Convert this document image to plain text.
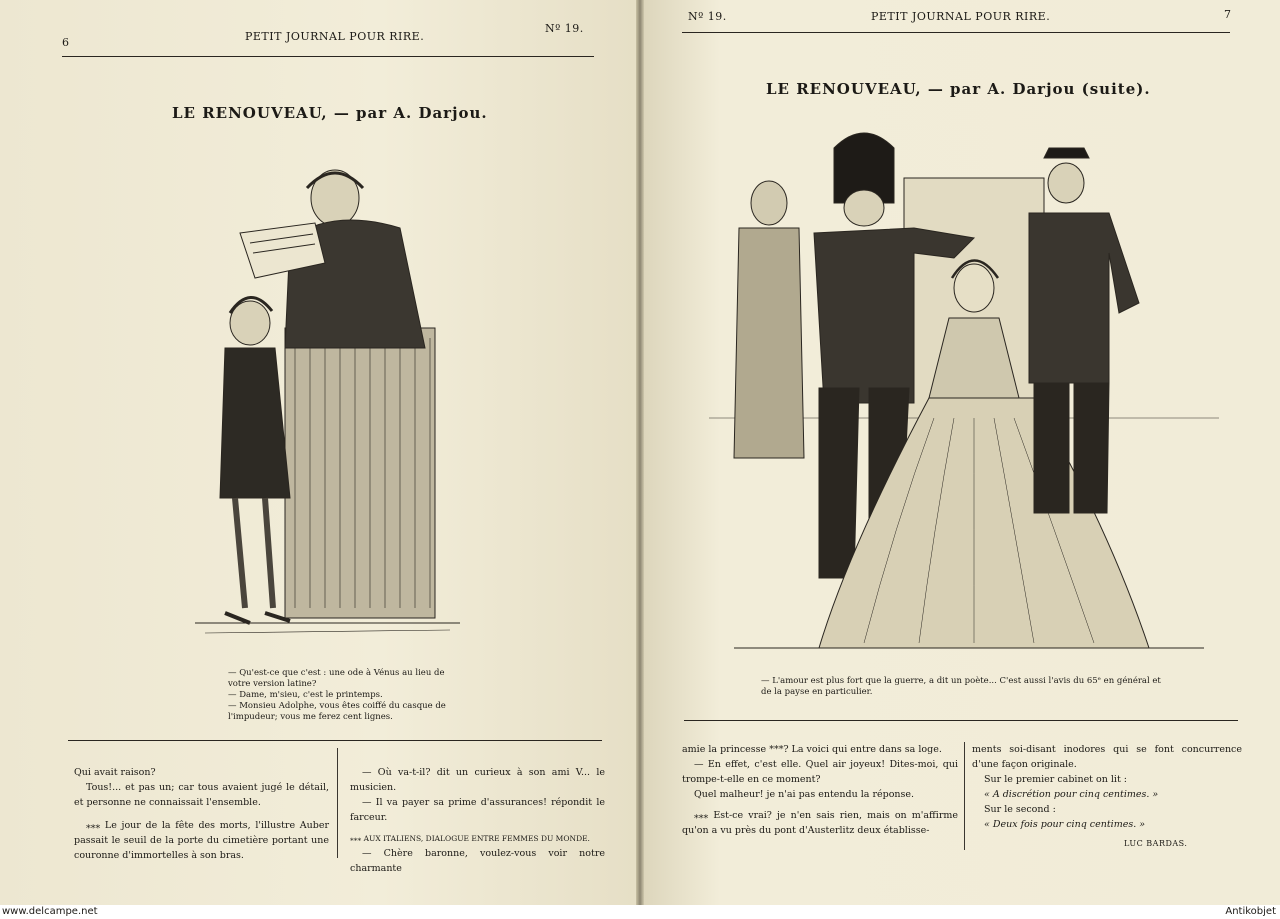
6	PETIT JOURNAL POUR RIRE.
Nº 19.
LE RENOUVEAU, — par A. Darjou.
— Qu'est-ce que c'est : une ode à Vénus au lieu de
votre version latine?
— Dame, m'sieu, c'est le printemps.
— Monsieu Adolphe, vous êtes coiffé du casque de
l'impudeur; vous me ferez cent lignes.

Qui avait raison?

Tous!... et pas un; car tous avaient jugé le détail, et personne ne connaissait l'ensemble.

⁎⁎⁎ Le jour de la fête des morts, l'illustre Auber passait le seuil de la porte du cimetière portant une couronne d'immortelles à son bras.

— Où va-t-il? dit un curieux à son ami V... le musicien.

— Il va payer sa prime d'assurances! répondit le farceur.

⁎⁎⁎ AUX ITALIENS, DIALOGUE ENTRE FEMMES DU MONDE.

— Chère baronne, voulez-vous voir notre charmante

Nº 19.	PETIT JOURNAL POUR RIRE.	7
LE RENOUVEAU, — par A. Darjou (suite).
— L'amour est plus fort que la guerre, a dit un poète... C'est aussi l'avis du 65ᵉ en général et
de la payse en particulier.

amie la princesse ***? La voici qui entre dans sa loge.

— En effet, c'est elle. Quel air joyeux! Dites-moi, qui trompe-t-elle en ce moment?

Quel malheur! je n'ai pas entendu la réponse.

⁎⁎⁎ Est-ce vrai? je n'en sais rien, mais on m'affirme qu'on a vu près du pont d'Austerlitz deux établisse-

ments soi-disant inodores qui se font concurrence d'une façon originale.

Sur le premier cabinet on lit :

« A discrétion pour cinq centimes. »

Sur le second :

« Deux fois pour cinq centimes. »

LUC BARDAS.
www.delcampe.net	Antikobjet
